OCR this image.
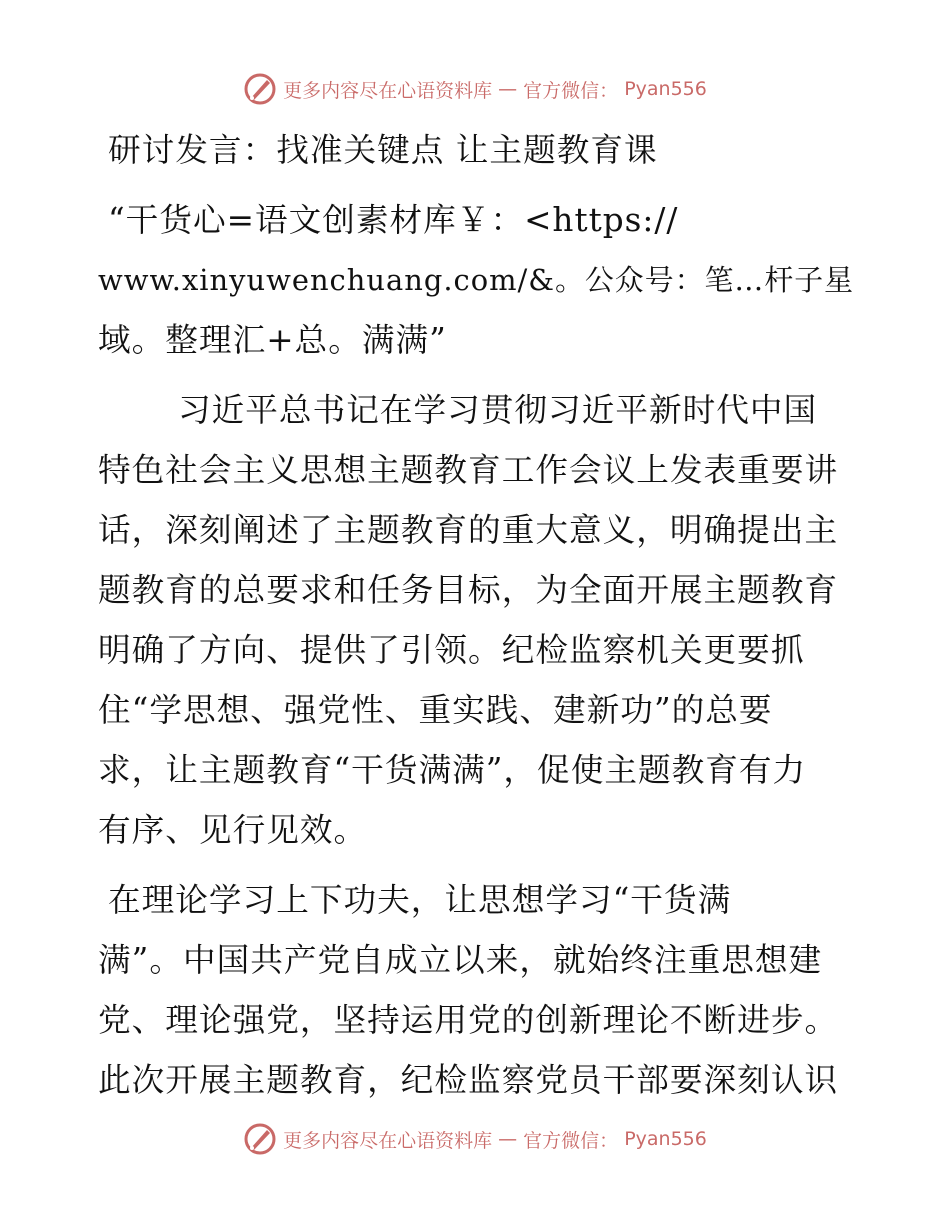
更多内容尽在心语资料库 — 官方微信： Pyan556
研讨发言：找准关键点 让主题教育课
“干货心=语文创素材库￥：<https://
www.xinyuwenchuang.com/&。公众号：笔…杆子星
域。整理汇+总。满满”
习近平总书记在学习贯彻习近平新时代中国
特色社会主义思想主题教育工作会议上发表重要讲
话，深刻阐述了主题教育的重大意义，明确提出主
题教育的总要求和任务目标，为全面开展主题教育
明确了方向、提供了引领。纪检监察机关更要抓
住“学思想、强党性、重实践、建新功”的总要
求，让主题教育“干货满满”，促使主题教育有力
有序、见行见效。
在理论学习上下功夫，让思想学习“干货满
满”。中国共产党自成立以来，就始终注重思想建
党、理论强党，坚持运用党的创新理论不断进步。
此次开展主题教育，纪检监察党员干部要深刻认识
更多内容尽在心语资料库 — 官方微信： Pyan556
